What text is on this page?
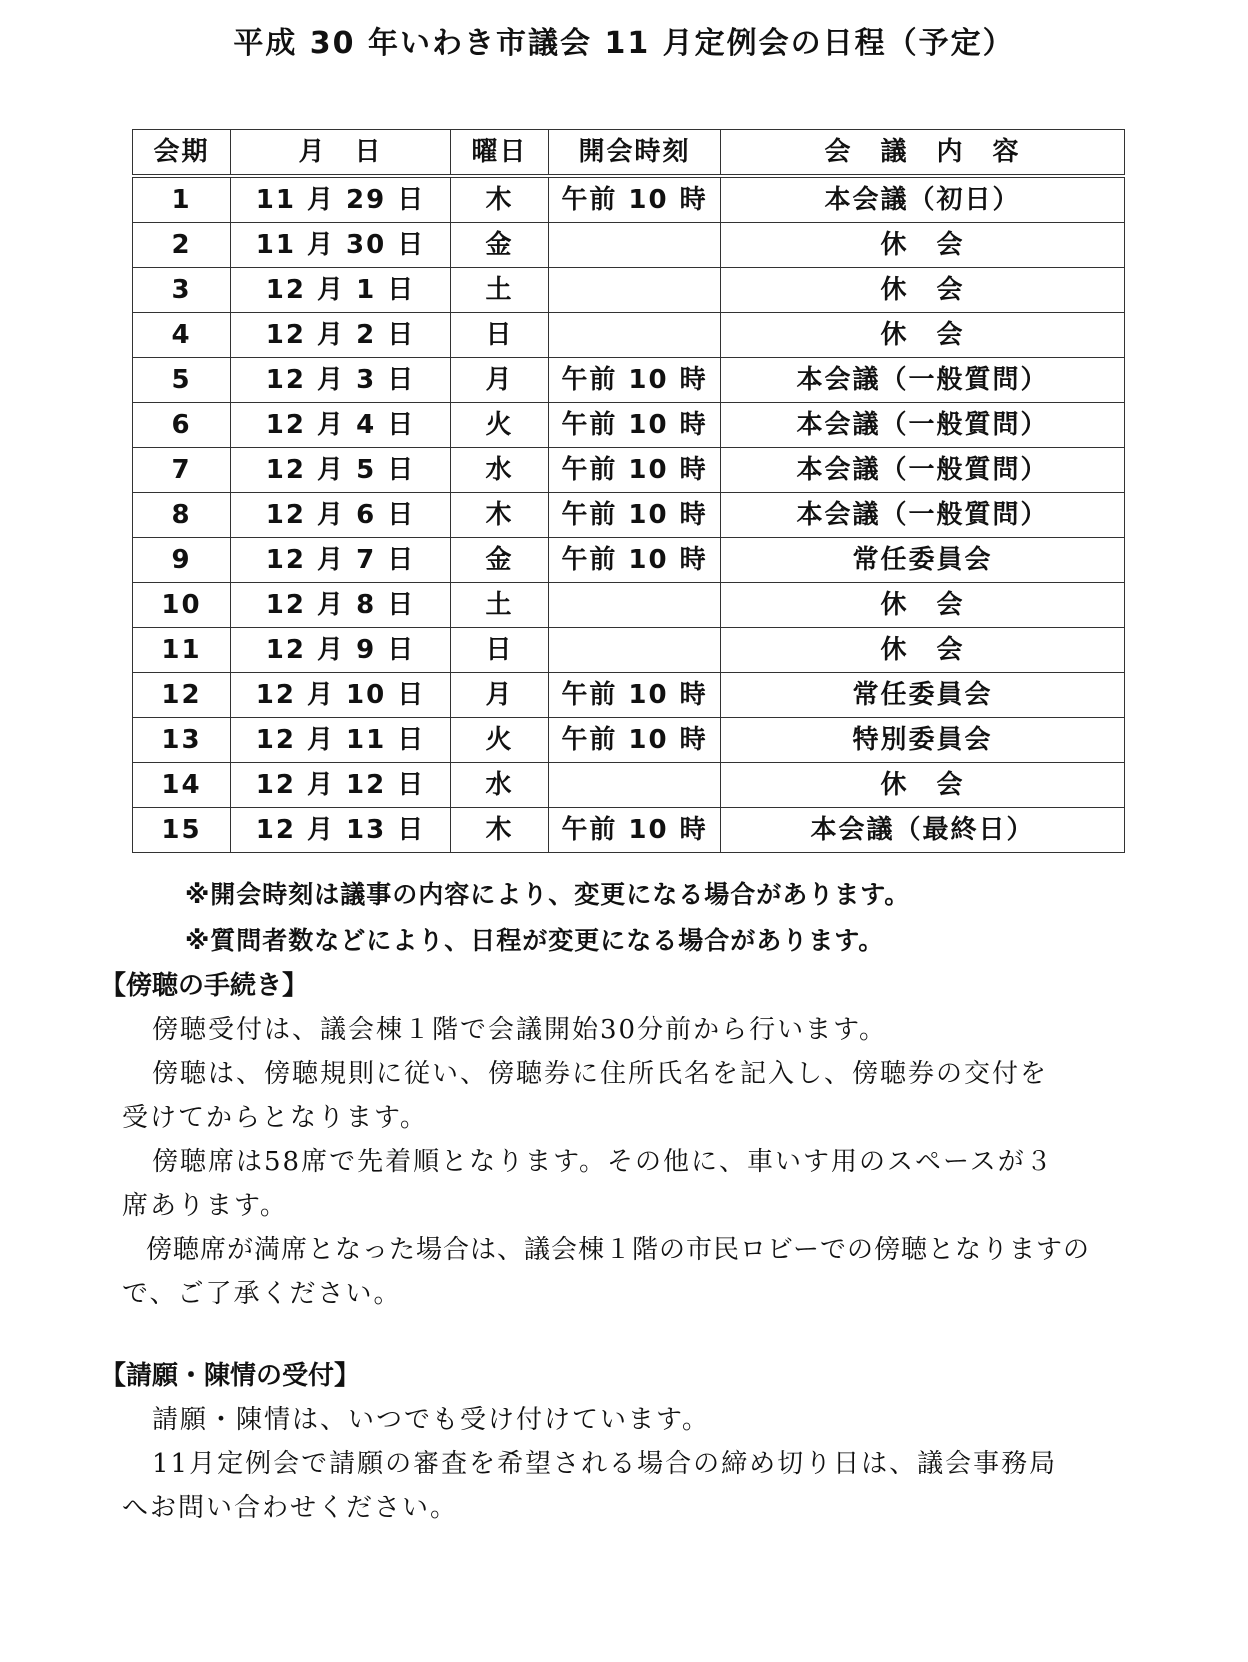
平成 30 年いわき市議会 11 月定例会の日程（予定）
会期	月　日	曜日	開会時刻	会　議　内　容
1	11 月 29 日	木	午前 10 時	本会議（初日）
2	11 月 30 日	金		休　会
3	12 月 1 日	土		休　会
4	12 月 2 日	日		休　会
5	12 月 3 日	月	午前 10 時	本会議（一般質問）
6	12 月 4 日	火	午前 10 時	本会議（一般質問）
7	12 月 5 日	水	午前 10 時	本会議（一般質問）
8	12 月 6 日	木	午前 10 時	本会議（一般質問）
9	12 月 7 日	金	午前 10 時	常任委員会
10	12 月 8 日	土		休　会
11	12 月 9 日	日		休　会
12	12 月 10 日	月	午前 10 時	常任委員会
13	12 月 11 日	火	午前 10 時	特別委員会
14	12 月 12 日	水		休　会
15	12 月 13 日	木	午前 10 時	本会議（最終日）
※開会時刻は議事の内容により、変更になる場合があります。
※質問者数などにより、日程が変更になる場合があります。
【傍聴の手続き】

傍聴受付は、議会棟１階で会議開始30分前から行います。

傍聴は、傍聴規則に従い、傍聴券に住所氏名を記入し、傍聴券の交付を

受けてからとなります。

傍聴席は58席で先着順となります。その他に、車いす用のスペースが３

席あります。

傍聴席が満席となった場合は、議会棟１階の市民ロビーでの傍聴となりますの

で、ご了承ください。

【請願・陳情の受付】

請願・陳情は、いつでも受け付けています。

11月定例会で請願の審査を希望される場合の締め切り日は、議会事務局

へお問い合わせください。
